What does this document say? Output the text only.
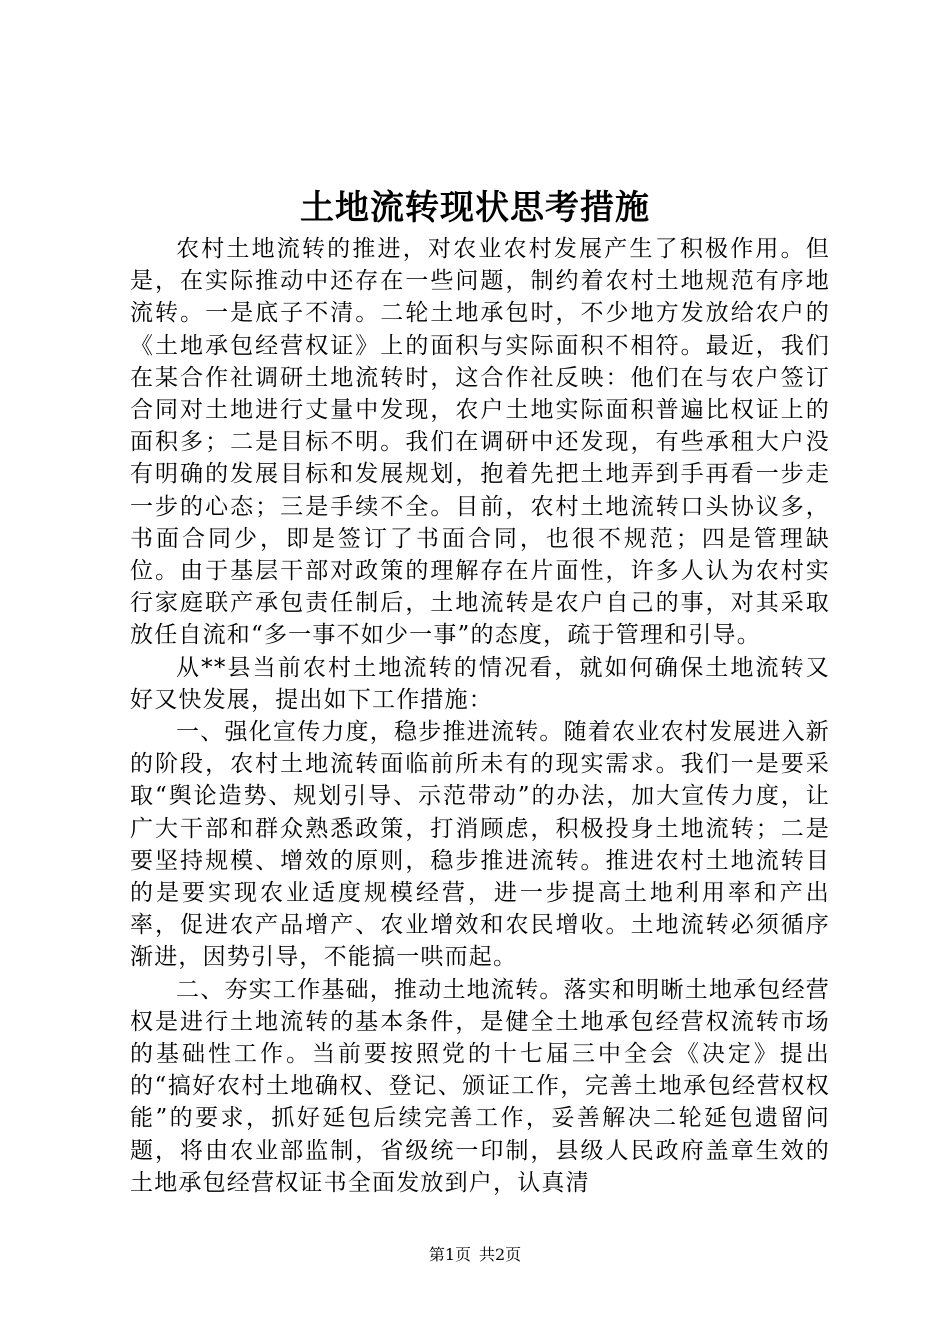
土地流转现状思考措施

农村土地流转的推进，对农业农村发展产生了积极作用。但是，在实际推动中还存在一些问题，制约着农村土地规范有序地流转。一是底子不清。二轮土地承包时，不少地方发放给农户的《土地承包经营权证》上的面积与实际面积不相符。最近，我们在某合作社调研土地流转时，这合作社反映：他们在与农户签订合同对土地进行丈量中发现，农户土地实际面积普遍比权证上的面积多；二是目标不明。我们在调研中还发现，有些承租大户没有明确的发展目标和发展规划，抱着先把土地弄到手再看一步走一步的心态；三是手续不全。目前，农村土地流转口头协议多，书面合同少，即是签订了书面合同，也很不规范；四是管理缺位。由于基层干部对政策的理解存在片面性，许多人认为农村实行家庭联产承包责任制后，土地流转是农户自己的事，对其采取放任自流和“多一事不如少一事”的态度，疏于管理和引导。

从**县当前农村土地流转的情况看，就如何确保土地流转又好又快发展，提出如下工作措施：

一、强化宣传力度，稳步推进流转。随着农业农村发展进入新的阶段，农村土地流转面临前所未有的现实需求。我们一是要采取“舆论造势、规划引导、示范带动”的办法，加大宣传力度，让广大干部和群众熟悉政策，打消顾虑，积极投身土地流转；二是要坚持规模、增效的原则，稳步推进流转。推进农村土地流转目的是要实现农业适度规模经营，进一步提高土地利用率和产出率，促进农产品增产、农业增效和农民增收。土地流转必须循序渐进，因势引导，不能搞一哄而起。

二、夯实工作基础，推动土地流转。落实和明晰土地承包经营权是进行土地流转的基本条件，是健全土地承包经营权流转市场的基础性工作。当前要按照党的十七届三中全会《决定》提出的“搞好农村土地确权、登记、颁证工作，完善土地承包经营权权能”的要求，抓好延包后续完善工作，妥善解决二轮延包遗留问题，将由农业部监制，省级统一印制，县级人民政府盖章生效的土地承包经营权证书全面发放到户，认真清

第1页 共2页
